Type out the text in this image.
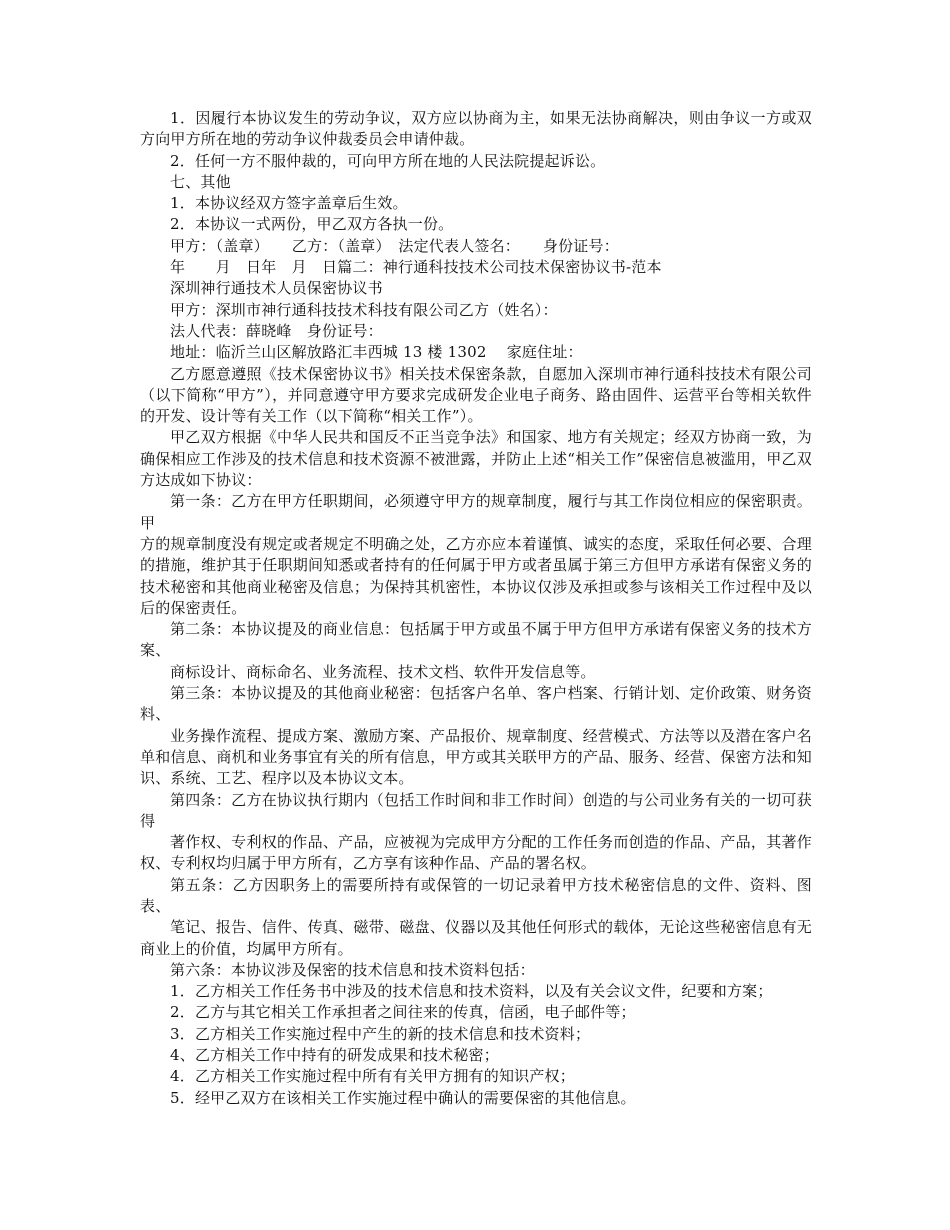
1．因履行本协议发生的劳动争议，双方应以协商为主，如果无法协商解决，则由争议一方或双方向甲方所在地的劳动争议仲裁委员会申请仲裁。

2．任何一方不服仲裁的，可向甲方所在地的人民法院提起诉讼。

七、其他

1．本协议经双方签字盖章后生效。

2．本协议一式两份，甲乙双方各执一份。

甲方：（盖章）　　乙方：（盖章）　法定代表人签名：　　身份证号：

年　　月　日年　月　日篇二：神行通科技技术公司技术保密协议书-范本

深圳神行通技术人员保密协议书

甲方：深圳市神行通科技技术科技有限公司乙方（姓名）：

法人代表：薛晓峰　身份证号：

地址：临沂兰山区解放路汇丰西城 13 楼 1302　 家庭住址：

乙方愿意遵照《技术保密协议书》相关技术保密条款，自愿加入深圳市神行通科技技术有限公司（以下简称“甲方”），并同意遵守甲方要求完成研发企业电子商务、路由固件、运营平台等相关软件的开发、设计等有关工作（以下简称“相关工作”）。

甲乙双方根据《中华人民共和国反不正当竞争法》和国家、地方有关规定；经双方协商一致，为确保相应工作涉及的技术信息和技术资源不被泄露，并防止上述“相关工作”保密信息被滥用，甲乙双方达成如下协议：

第一条：乙方在甲方任职期间，必须遵守甲方的规章制度，履行与其工作岗位相应的保密职责。甲

方的规章制度没有规定或者规定不明确之处，乙方亦应本着谨慎、诚实的态度，采取任何必要、合理的措施，维护其于任职期间知悉或者持有的任何属于甲方或者虽属于第三方但甲方承诺有保密义务的技术秘密和其他商业秘密及信息；为保持其机密性，本协议仅涉及承担或参与该相关工作过程中及以后的保密责任。

第二条：本协议提及的商业信息：包括属于甲方或虽不属于甲方但甲方承诺有保密义务的技术方案、

商标设计、商标命名、业务流程、技术文档、软件开发信息等。

第三条：本协议提及的其他商业秘密：包括客户名单、客户档案、行销计划、定价政策、财务资料、

业务操作流程、提成方案、激励方案、产品报价、规章制度、经营模式、方法等以及潜在客户名单和信息、商机和业务事宜有关的所有信息，甲方或其关联甲方的产品、服务、经营、保密方法和知识、系统、工艺、程序以及本协议文本。

第四条：乙方在协议执行期内（包括工作时间和非工作时间）创造的与公司业务有关的一切可获得

著作权、专利权的作品、产品，应被视为完成甲方分配的工作任务而创造的作品、产品，其著作权、专利权均归属于甲方所有，乙方享有该种作品、产品的署名权。

第五条：乙方因职务上的需要所持有或保管的一切记录着甲方技术秘密信息的文件、资料、图表、

笔记、报告、信件、传真、磁带、磁盘、仪器以及其他任何形式的载体，无论这些秘密信息有无商业上的价值，均属甲方所有。

第六条：本协议涉及保密的技术信息和技术资料包括：

1．乙方相关工作任务书中涉及的技术信息和技术资料，以及有关会议文件，纪要和方案；

2．乙方与其它相关工作承担者之间往来的传真，信函，电子邮件等；

3．乙方相关工作实施过程中产生的新的技术信息和技术资料；

4、乙方相关工作中持有的研发成果和技术秘密；

4．乙方相关工作实施过程中所有有关甲方拥有的知识产权；

5．经甲乙双方在该相关工作实施过程中确认的需要保密的其他信息。
